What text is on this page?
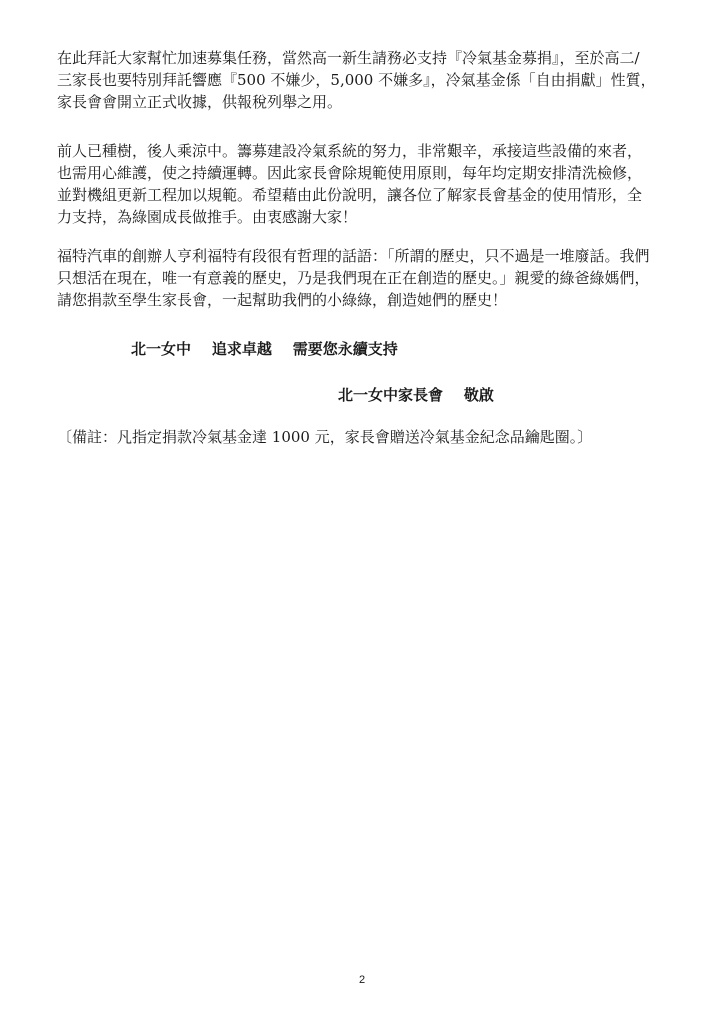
在此拜託大家幫忙加速募集任務，當然高一新生請務必支持『冷氣基金募捐』，至於高二/
三家長也要特別拜託響應『500 不嫌少，5,000 不嫌多』，冷氣基金係「自由捐獻」性質，
家長會會開立正式收據，供報稅列舉之用。

前人已種樹，後人乘涼中。籌募建設冷氣系統的努力，非常艱辛，承接這些設備的來者，
也需用心維護，使之持續運轉。因此家長會除規範使用原則，每年均定期安排清洗檢修，
並對機組更新工程加以規範。希望藉由此份說明，讓各位了解家長會基金的使用情形，全
力支持，為綠園成長做推手。由衷感謝大家！

福特汽車的創辦人亨利福特有段很有哲理的話語：「所謂的歷史，只不過是一堆廢話。我們
只想活在現在，唯一有意義的歷史，乃是我們現在正在創造的歷史。」親愛的綠爸綠媽們，
請您捐款至學生家長會，一起幫助我們的小綠綠，創造她們的歷史！

北一女中    追求卓越    需要您永續支持

北一女中家長會    敬啟

〔備註：凡指定捐款冷氣基金達 1000 元，家長會贈送冷氣基金紀念品鑰匙圈。〕

2
